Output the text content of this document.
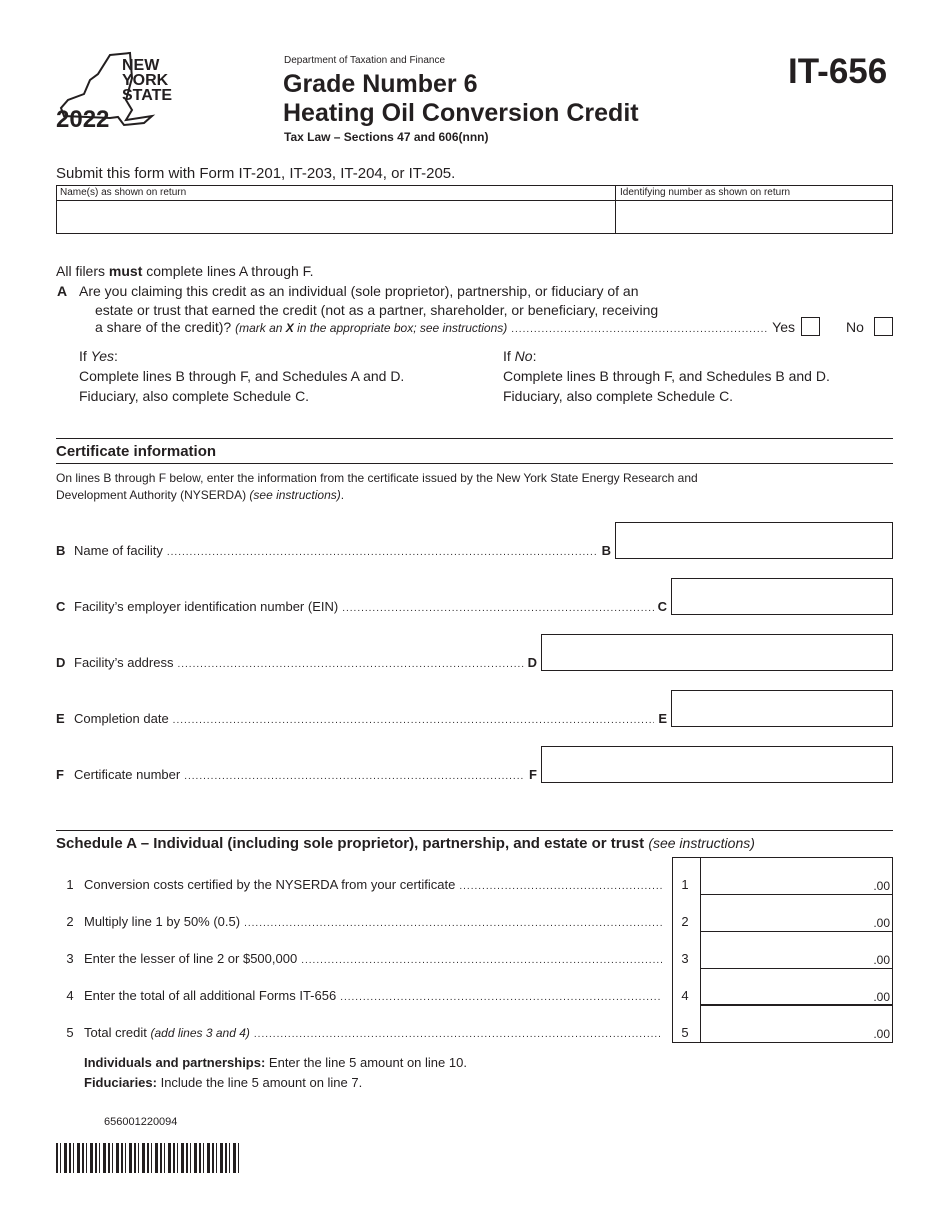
NEW
YORK
STATE
2022
Department of Taxation and Finance
Grade Number 6
Heating Oil Conversion Credit
Tax Law – Sections 47 and 606(nnn)
IT-656
Submit this form with Form IT-201, IT-203, IT-204, or IT-205.
Name(s) as shown on return	Identifying number as shown on return
All filers must complete lines A through F.
A Are you claiming this credit as an individual (sole proprietor), partnership, or fiduciary of an
estate or trust that earned the credit (not as a partner, shareholder, or beneficiary, receiving
a share of the credit)?
(mark an X in the appropriate box; see instructions) .....	Yes	No
If Yes:
Complete lines B through F, and Schedules A and D.
Fiduciary, also complete Schedule C.
If No:
Complete lines B through F, and Schedules B and D.
Fiduciary, also complete Schedule C.
Certificate information
On lines B through F below, enter the information from the certificate issued by the New York State Energy Research and
Development Authority (NYSERDA) (see instructions).
B Name of facility .....	B
C Facility’s employer identification number (EIN) .....	C
D Facility’s address .....	D
E Completion date .....	E
F Certificate number .....	F
Schedule A – Individual (including sole proprietor), partnership, and estate or trust (see instructions)
1 Conversion costs certified by the NYSERDA from your certificate .....	1	.00
2 Multiply line 1 by 50% (0.5) .....	2	.00
3 Enter the lesser of line 2 or $500,000 .....	3	.00
4 Enter the total of all additional Forms IT-656 .....	4	.00
5 Total credit
(add lines 3 and 4) .....	5	.00
Individuals and partnerships: Enter the line 5 amount on line 10.
Fiduciaries: Include the line 5 amount on line 7.
656001220094
